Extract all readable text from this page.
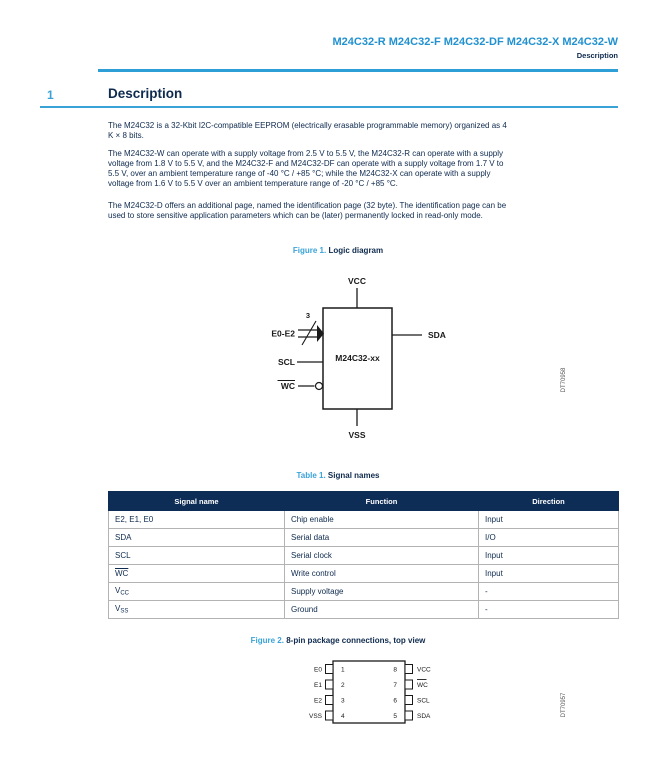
M24C32-R M24C32-F M24C32-DF M24C32-X M24C32-W
Description
1	Description
The M24C32 is a 32-Kbit I2C-compatible EEPROM (electrically erasable programmable memory) organized as 4
K × 8 bits.
The M24C32-W can operate with a supply voltage from 2.5 V to 5.5 V, the M24C32-R can operate with a supply
voltage from 1.8 V to 5.5 V, and the M24C32-F and M24C32-DF can operate with a supply voltage from 1.7 V to
5.5 V, over an ambient temperature range of -40 °C / +85 °C; while the M24C32-X can operate with a supply
voltage from 1.6 V to 5.5 V over an ambient temperature range of -20 °C / +85 °C.
The M24C32-D offers an additional page, named the identification page (32 byte). The identification page can be
used to store sensitive application parameters which can be (later) permanently locked in read-only mode.
Figure 1. Logic diagram
VCC
M24C32-xx
VSS
SDA
E0-E2
3
SCL
WC	DT70958
Table 1. Signal names
Signal name	Function	Direction
E2, E1, E0	Chip enable	Input
SDA	Serial data	I/O
SCL	Serial clock	Input
$\overline{WC}$	Write control	Input
$V_{CC}$	Supply voltage	-
$V_{SS}$	Ground	-
Figure 2. 8-pin package connections, top view
E0	1	8	VCC
E1	2	7	WC
E2	3	6	SCL
VSS	4	5	SDA	DT70957
